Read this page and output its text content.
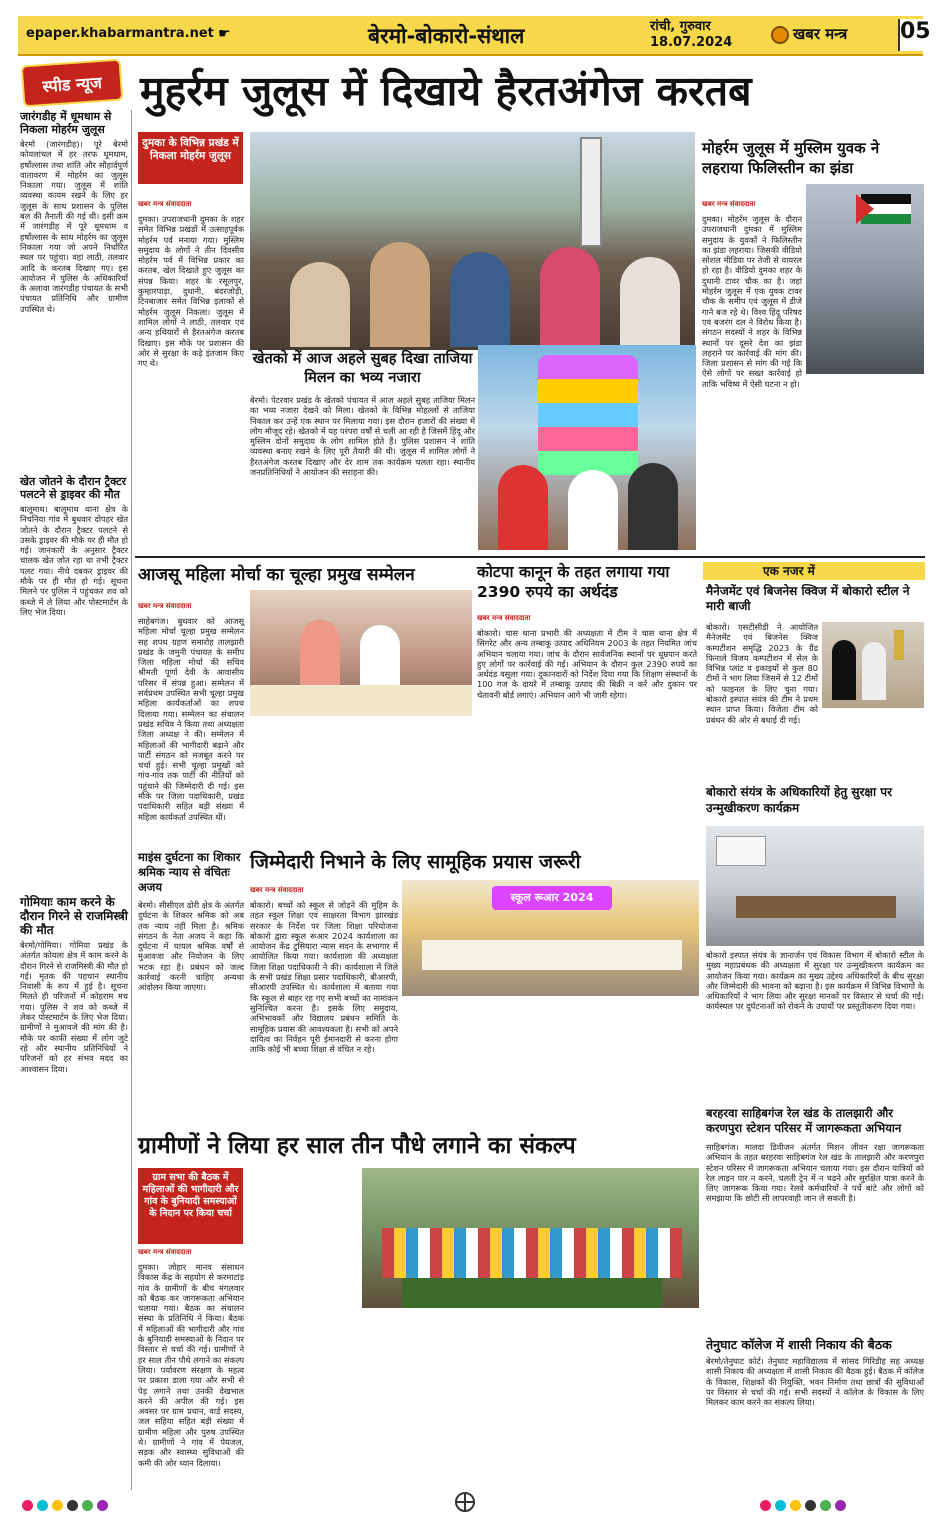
epaper.khabarmantra.net ☛	बेरमो-बोकारो-संथाल	रांची, गुरुवार
18.07.2024	खबर मन्त्र 05
स्पीड न्यूज मुहर्रम जुलूस में दिखाये हैरतअंगेज करतब
जारंगडीह में धूमधाम से निकला मोहर्रम जुलूस
बेरमो (जारंगडीह)। पूरे बेरमो कोयलांचल में हर तरफ धूमधाम, हर्षोल्लास तथा शांति और सौहार्दपूर्ण वातावरण में मोहर्रम का जुलूस निकाला गया। जुलूस में शांति व्यवस्था कायम रखने के लिए हर जुलूस के साथ प्रशासन के पुलिस बल की तैनाती की गई थी। इसी क्रम में जारंगडीह में पूरे धूमधाम व हर्षोल्लास के साथ मोहर्रम का जुलूस निकाला गया जो अपने निर्धारित स्थल पर पहुंचा। वहां लाठी, तलवार आदि के करतब दिखाए गए। इस आयोजन में पुलिस के अधिकारियों के अलावा जारंगडीह पंचायत के सभी पंचायत प्रतिनिधि और ग्रामीण उपस्थित थे।
खेत जोतने के दौरान ट्रैक्टर पलटने से ड्राइवर की मौत
बालूमाथ। बालूमाथ थाना क्षेत्र के निचनिया गांव में बुधवार दोपहर खेत जोतने के दौरान ट्रैक्टर पलटने से उसके ड्राइवर की मौके पर ही मौत हो गई। जानकारी के अनुसार ट्रैक्टर चालक खेत जोत रहा था तभी ट्रैक्टर पलट गया। नीचे दबकर ड्राइवर की मौके पर ही मौत हो गई। सूचना मिलने पर पुलिस ने पहुंचकर शव को कब्जे में ले लिया और पोस्टमार्टम के लिए भेज दिया।
गोमियाः काम करने के दौरान गिरने से राजमिस्त्री की मौत
बेरमो/गोमिया। गोमिया प्रखंड के अंतर्गत कोयला क्षेत्र में काम करने के दौरान गिरने से राजमिस्त्री की मौत हो गई। मृतक की पहचान स्थानीय निवासी के रूप में हुई है। सूचना मिलते ही परिजनों में कोहराम मच गया। पुलिस ने शव को कब्जे में लेकर पोस्टमार्टम के लिए भेज दिया। ग्रामीणों ने मुआवजे की मांग की है। मौके पर काफी संख्या में लोग जुटे रहे और स्थानीय प्रतिनिधियों ने परिजनों को हर संभव मदद का आश्वासन दिया।
दुमका के विभिन्न प्रखंड में निकला मोहर्रम जुलूस
खबर मन्त्र संवाददाता
दुमका। उपराजधानी दुमका के शहर समेत विभिन्न प्रखंडों में उत्साहपूर्वक मोहर्रम पर्व मनाया गया। मुस्लिम समुदाय के लोगों ने तीन दिवसीय मोहर्रम पर्व में विभिन्न प्रकार का करतब, खेल दिखाते हुए जुलूस का संपन्न किया। शहर के रसूलपुर, कुम्हारपाड़ा, दुधानी, बंदरजोड़ी, टिनबाजार समेत विभिन्न इलाकों से मोहर्रम जुलूस निकला। जुलूस में शामिल लोगों ने लाठी, तलवार एवं अन्य हथियारों से हैरतअंगेज करतब दिखाए। इस मौके पर प्रशासन की ओर से सुरक्षा के कड़े इंतजाम किए गए थे।
मोहर्रम जुलूस में मुस्लिम युवक ने लहराया फिलिस्तीन का झंडा
खबर मन्त्र संवाददाता
दुमका। मोहर्रम जुलूस के दौरान उपराजधानी दुमका में मुस्लिम समुदाय के युवकों ने फिलिस्तीन का झंडा लहराया। जिसकी वीडियो सोशल मीडिया पर तेजी से वायरल हो रहा है। वीडियो दुमका शहर के दुधानी टावर चौक का है। जहां मोहर्रम जुलूस में एक युवक टावर चौक के समीप एवं जुलूस में डीजे गाने बज रहे थे। विश्व हिंदू परिषद एवं बजरंग दल ने विरोध किया है। संगठन सदस्यों ने शहर के विभिन्न स्थानों पर दूसरे देश का झंडा लहराने पर कार्रवाई की मांग की। जिला प्रशासन से मांग की गई कि ऐसे लोगों पर सख्त कार्रवाई हो ताकि भविष्य में ऐसी घटना न हो।
खेतको में आज अहले सुबह दिखा ताजिया मिलन का भव्य नजारा
बेरमो। पेटरवार प्रखंड के खेतको पंचायत में आज अहले सुबह ताजिया मिलन का भव्य नजारा देखने को मिला। खेतको के विभिन्न मोहल्लों से ताजिया निकाल कर उन्हें एक स्थान पर मिलाया गया। इस दौरान हजारों की संख्या में लोग मौजूद रहे। खेतको में यह परंपरा वर्षों से चली आ रही है जिसमें हिंदू और मुस्लिम दोनों समुदाय के लोग शामिल होते हैं। पुलिस प्रशासन ने शांति व्यवस्था बनाए रखने के लिए पूरी तैयारी की थी। जुलूस में शामिल लोगों ने हैरतअंगेज करतब दिखाए और देर शाम तक कार्यक्रम चलता रहा। स्थानीय जनप्रतिनिधियों ने आयोजन की सराहना की।
आजसू महिला मोर्चा का चूल्हा प्रमुख सम्मेलन
खबर मन्त्र संवाददाता
साहेबगंज। बुधवार को आजसू महिला मोर्चा चूल्हा प्रमुख सम्मेलन सह शपथ ग्रहण समारोह तालझारी प्रखंड के जमुनी पंचायत के समीप जिला महिला मोर्चा की सचिव श्रीमती पूर्णा देवी के आवासीय परिसर में संपन्न हुआ। सम्मेलन में सर्वप्रथम उपस्थित सभी चूल्हा प्रमुख महिला कार्यकर्ताओं का शपथ दिलाया गया। सम्मेलन का संचालन प्रखंड सचिव ने किया तथा अध्यक्षता जिला अध्यक्ष ने की। सम्मेलन में महिलाओं की भागीदारी बढ़ाने और पार्टी संगठन को मजबूत करने पर चर्चा हुई। सभी चूल्हा प्रमुखों को गांव-गांव तक पार्टी की नीतियों को पहुंचाने की जिम्मेदारी दी गई। इस मौके पर जिला पदाधिकारी, प्रखंड पदाधिकारी सहित बड़ी संख्या में महिला कार्यकर्ता उपस्थित थीं।
कोटपा कानून के तहत लगाया गया 2390 रुपये का अर्थदंड
खबर मन्त्र संवाददाता
बोकारो। चास थाना प्रभारी की अध्यक्षता में टीम ने चास थाना क्षेत्र में सिगरेट और अन्य तम्बाकू उत्पाद अधिनियम 2003 के तहत नियमित जांच अभियान चलाया गया। जांच के दौरान सार्वजनिक स्थानों पर धूम्रपान करते हुए लोगों पर कार्रवाई की गई। अभियान के दौरान कुल 2390 रुपये का अर्थदंड वसूला गया। दुकानदारों को निर्देश दिया गया कि शिक्षण संस्थानों के 100 गज के दायरे में तम्बाकू उत्पाद की बिक्री न करें और दुकान पर चेतावनी बोर्ड लगाएं। अभियान आगे भी जारी रहेगा।
एक नजर में
मैनेजमेंट एवं बिजनेस क्विज में बोकारो स्टील ने मारी बाजी
बोकारो। एसटीसीडी ने आयोजित मैनेजमेंट एवं बिजनेस क्विज कम्पटीशन समृद्धि 2023 के ग्रैंड फिनाले विजय कम्पटीशन में सेल के विभिन्न प्लांट व इकाइयों से कुल 80 टीमों ने भाग लिया जिसमें से 12 टीमों को फाइनल के लिए चुना गया। बोकारो इस्पात संयंत्र की टीम ने प्रथम स्थान प्राप्त किया। विजेता टीम को प्रबंधन की ओर से बधाई दी गई।
बोकारो संयंत्र के अधिकारियों हेतु सुरक्षा पर उन्मुखीकरण कार्यक्रम
बोकारो इस्पात संयंत्र के ज्ञानार्जन एवं विकास विभाग में बोकारो स्टील के मुख्य महाप्रबंधक की अध्यक्षता में सुरक्षा पर उन्मुखीकरण कार्यक्रम का आयोजन किया गया। कार्यक्रम का मुख्य उद्देश्य अधिकारियों के बीच सुरक्षा और जिम्मेदारी की भावना को बढ़ाना है। इस कार्यक्रम में विभिन्न विभागों के अधिकारियों ने भाग लिया और सुरक्षा मानकों पर विस्तार से चर्चा की गई। कार्यस्थल पर दुर्घटनाओं को रोकने के उपायों पर प्रस्तुतीकरण दिया गया।
बरहरवा साहिबगंज रेल खंड के तालझारी और करणपुरा स्टेशन परिसर में जागरूकता अभियान
साहिबगंज। मालदा डिवीजन अंतर्गत मिशन जीवन रक्षा जागरूकता अभियान के तहत बरहरवा साहिबगंज रेल खंड के तालझारी और करणपुरा स्टेशन परिसर में जागरूकता अभियान चलाया गया। इस दौरान यात्रियों को रेल लाइन पार न करने, चलती ट्रेन में न चढ़ने और सुरक्षित यात्रा करने के लिए जागरूक किया गया। रेलवे कर्मचारियों ने पर्चे बांटे और लोगों को समझाया कि छोटी सी लापरवाही जान ले सकती है।
तेनुघाट कॉलेज में शासी निकाय की बैठक
बेरमो/तेनुघाट कोर्ट। तेनुघाट महाविद्यालय में सांसद गिरिडीह सह अध्यक्ष शासी निकाय की अध्यक्षता में शासी निकाय की बैठक हुई। बैठक में कॉलेज के विकास, शिक्षकों की नियुक्ति, भवन निर्माण तथा छात्रों की सुविधाओं पर विस्तार से चर्चा की गई। सभी सदस्यों ने कॉलेज के विकास के लिए मिलकर काम करने का संकल्प लिया।
माइंस दुर्घटना का शिकार श्रमिक न्याय से वंचितः अजय
बेरमो। सीसीएल ढोरी क्षेत्र के अंतर्गत दुर्घटना के शिकार श्रमिक को अब तक न्याय नहीं मिला है। श्रमिक संगठन के नेता अजय ने कहा कि दुर्घटना में घायल श्रमिक वर्षों से मुआवजा और नियोजन के लिए भटक रहा है। प्रबंधन को जल्द कार्रवाई करनी चाहिए अन्यथा आंदोलन किया जाएगा।
जिम्मेदारी निभाने के लिए सामूहिक प्रयास जरूरी
खबर मन्त्र संवाददाता
बोकारो। बच्चों को स्कूल से जोड़ने की मुहिम के तहत स्कूल शिक्षा एवं साक्षरता विभाग झारखंड सरकार के निर्देश पर जिला शिक्षा परियोजना बोकारो द्वारा स्कूल रूआर 2024 कार्यशाला का आयोजन केंद्र टुसियारा न्यास सदन के सभागार में आयोजित किया गया। कार्यशाला की अध्यक्षता जिला शिक्षा पदाधिकारी ने की। कार्यशाला में जिले के सभी प्रखंड शिक्षा प्रसार पदाधिकारी, बीआरपी, सीआरपी उपस्थित थे। कार्यशाला में बताया गया कि स्कूल से बाहर रह गए सभी बच्चों का नामांकन सुनिश्चित करना है। इसके लिए समुदाय, अभिभावकों और विद्यालय प्रबंधन समिति के सामूहिक प्रयास की आवश्यकता है। सभी को अपने दायित्व का निर्वहन पूरी ईमानदारी से करना होगा ताकि कोई भी बच्चा शिक्षा से वंचित न रहे।
स्कूल रूआर 2024
ग्रामीणों ने लिया हर साल तीन पौधे लगाने का संकल्प
ग्राम सभा की बैठक में महिलाओं की भागीदारी और गांव के बुनियादी समस्याओं के निदान पर किया चर्चा
खबर मन्त्र संवाददाता
दुमका। जोहार मानव संसाधन विकास केंद्र के सहयोग से करमाटांड़ गांव के ग्रामीणों के बीच मंगलवार को बैठक कर जागरूकता अभियान चलाया गया। बैठक का संचालन संस्था के प्रतिनिधि ने किया। बैठक में महिलाओं की भागीदारी और गांव के बुनियादी समस्याओं के निदान पर विस्तार से चर्चा की गई। ग्रामीणों ने हर साल तीन पौधे लगाने का संकल्प लिया। पर्यावरण संरक्षण के महत्व पर प्रकाश डाला गया और सभी से पेड़ लगाने तथा उनकी देखभाल करने की अपील की गई। इस अवसर पर ग्राम प्रधान, वार्ड सदस्य, जल सहिया सहित बड़ी संख्या में ग्रामीण महिला और पुरुष उपस्थित थे। ग्रामीणों ने गांव में पेयजल, सड़क और स्वास्थ्य सुविधाओं की कमी की ओर ध्यान दिलाया।
